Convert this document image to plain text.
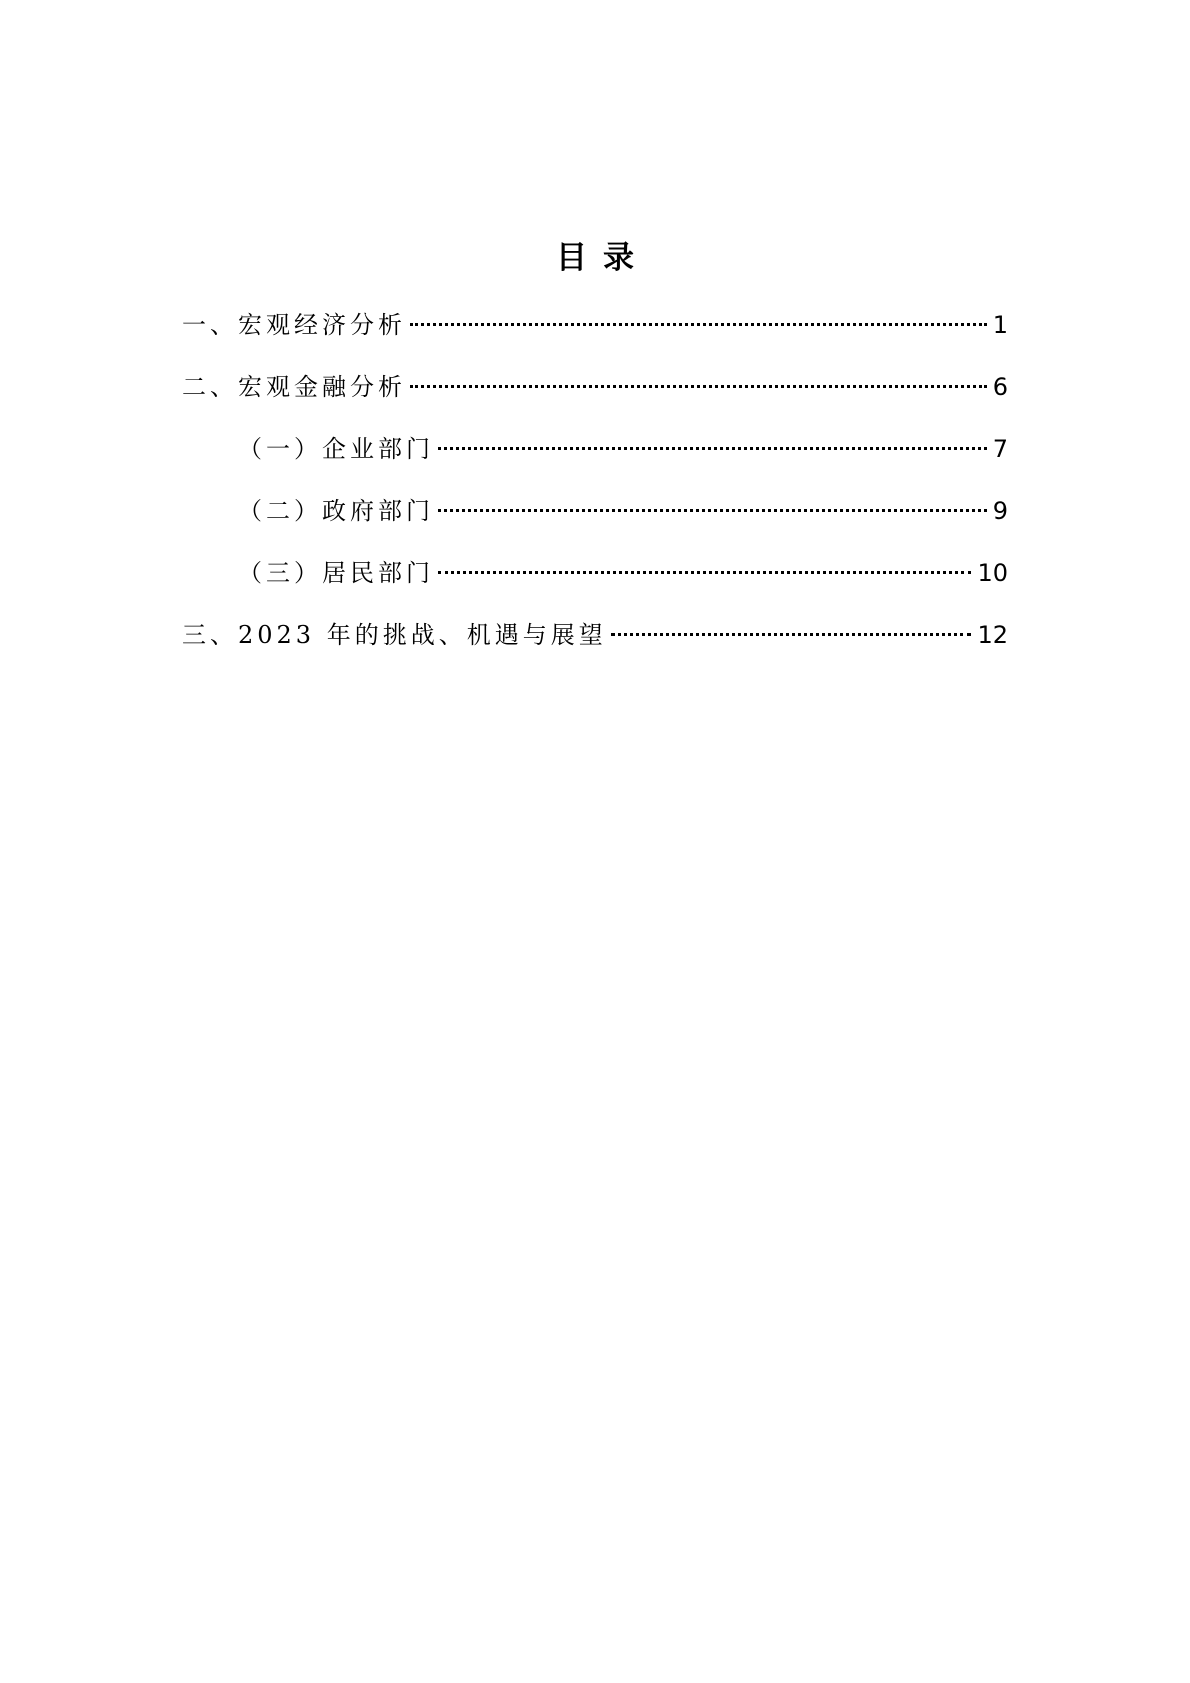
目录
一、宏观经济分析	1
二、宏观金融分析	6
（一）企业部门	7
（二）政府部门	9
（三）居民部门	10
三、2023 年的挑战、机遇与展望	12
